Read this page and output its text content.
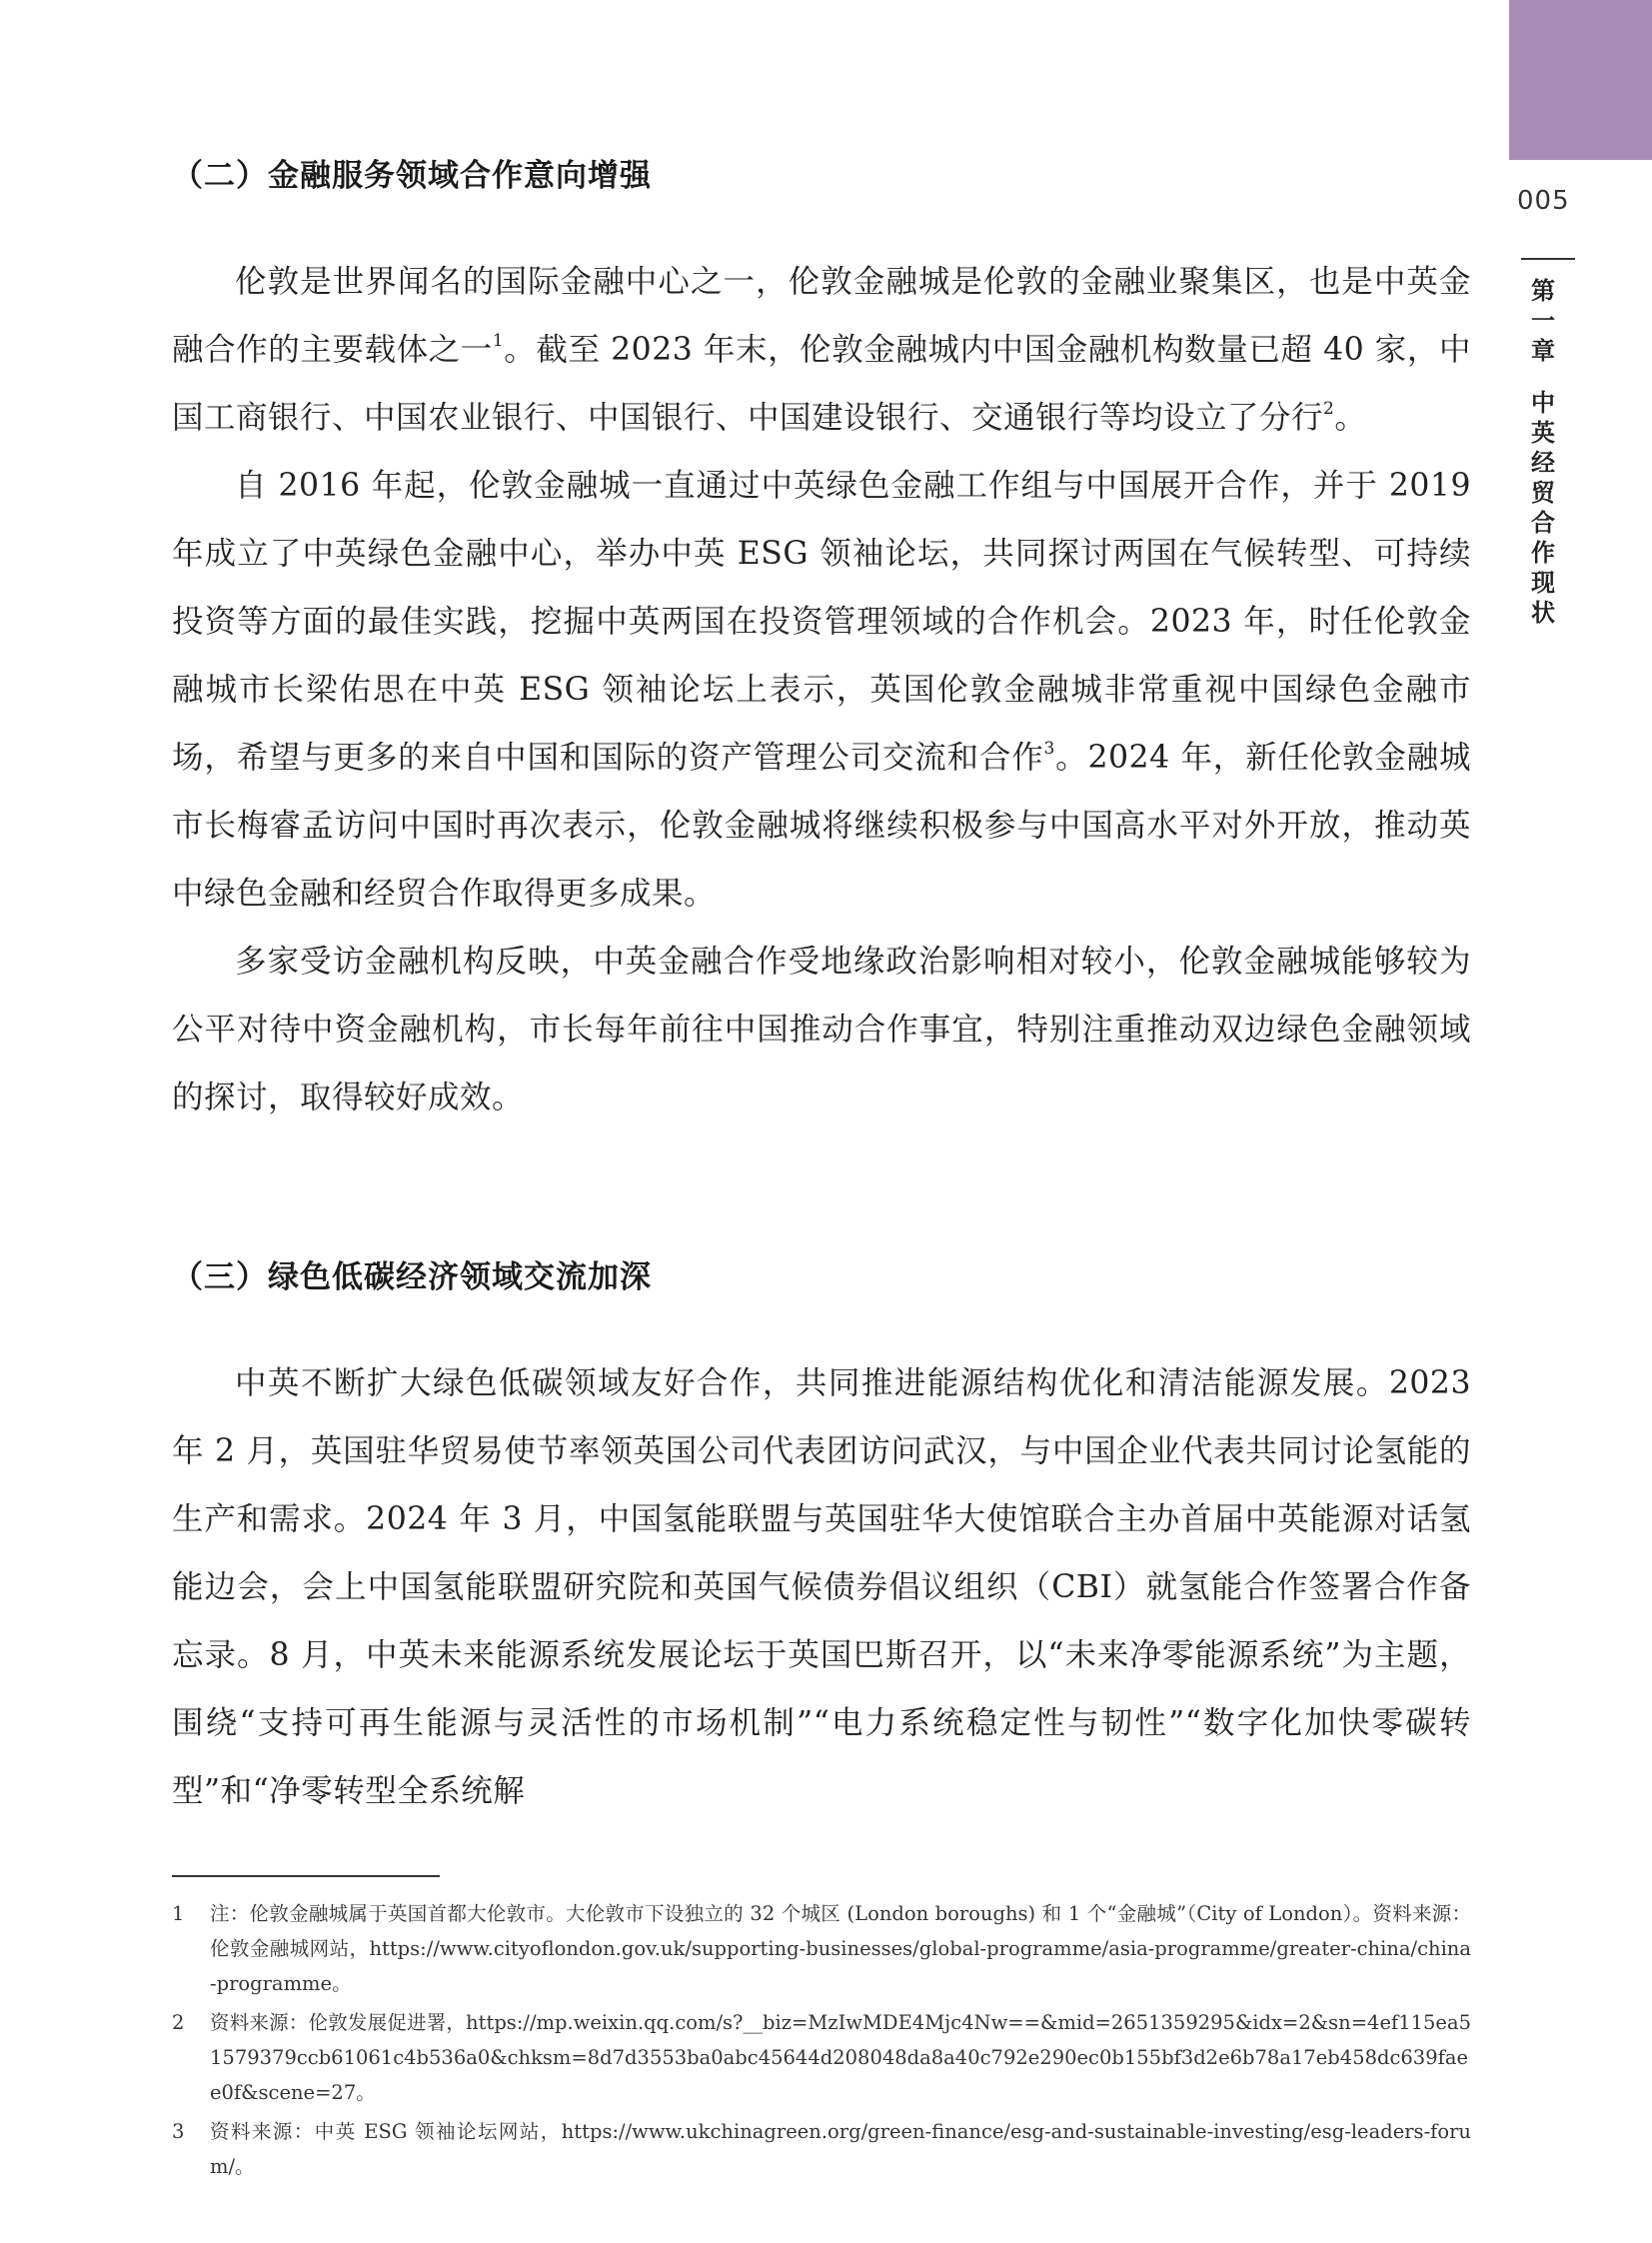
005
第
一
章
中
英
经
贸
合
作
现
状
（二）金融服务领域合作意向增强

伦敦是世界闻名的国际金融中心之一，伦敦金融城是伦敦的金融业聚集区，也是中英金融合作的主要载体之一$^1$。截至 2023 年末，伦敦金融城内中国金融机构数量已超 40 家，中国工商银行、中国农业银行、中国银行、中国建设银行、交通银行等均设立了分行$^2$。

自 2016 年起，伦敦金融城一直通过中英绿色金融工作组与中国展开合作，并于 2019 年成立了中英绿色金融中心，举办中英 ESG 领袖论坛，共同探讨两国在气候转型、可持续投资等方面的最佳实践，挖掘中英两国在投资管理领域的合作机会。2023 年，时任伦敦金融城市长梁佑思在中英 ESG 领袖论坛上表示，英国伦敦金融城非常重视中国绿色金融市场，希望与更多的来自中国和国际的资产管理公司交流和合作$^3$。2024 年，新任伦敦金融城市长梅睿孟访问中国时再次表示，伦敦金融城将继续积极参与中国高水平对外开放，推动英中绿色金融和经贸合作取得更多成果。

多家受访金融机构反映，中英金融合作受地缘政治影响相对较小，伦敦金融城能够较为公平对待中资金融机构，市长每年前往中国推动合作事宜，特别注重推动双边绿色金融领域的探讨，取得较好成效。

（三）绿色低碳经济领域交流加深

中英不断扩大绿色低碳领域友好合作，共同推进能源结构优化和清洁能源发展。2023 年 2 月，英国驻华贸易使节率领英国公司代表团访问武汉，与中国企业代表共同讨论氢能的生产和需求。2024 年 3 月，中国氢能联盟与英国驻华大使馆联合主办首届中英能源对话氢能边会，会上中国氢能联盟研究院和英国气候债券倡议组织（CBI）就氢能合作签署合作备忘录。8 月，中英未来能源系统发展论坛于英国巴斯召开，以“未来净零能源系统”为主题，围绕“支持可再生能源与灵活性的市场机制”“电力系统稳定性与韧性”“数字化加快零碳转型”和“净零转型全系统解

1	注：伦敦金融城属于英国首都大伦敦市。大伦敦市下设独立的 32 个城区 (London boroughs) 和 1 个“金融城”（City of London）。资料来源：伦敦金融城网站，https://www.cityoflondon.gov.uk/supporting-businesses/global-programme/asia-programme/greater-china/china-programme。
2	资料来源：伦敦发展促进署，https://mp.weixin.qq.com/s?__biz=MzIwMDE4Mjc4Nw==&mid=2651359295&idx=2&sn=4ef115ea51579379ccb61061c4b536a0&chksm=8d7d3553ba0abc45644d208048da8a40c792e290ec0b155bf3d2e6b78a17eb458dc639faee0f&scene=27。
3	资料来源：中英 ESG 领袖论坛网站，https://www.ukchinagreen.org/green-finance/esg-and-sustainable-investing/esg-leaders-forum/。
